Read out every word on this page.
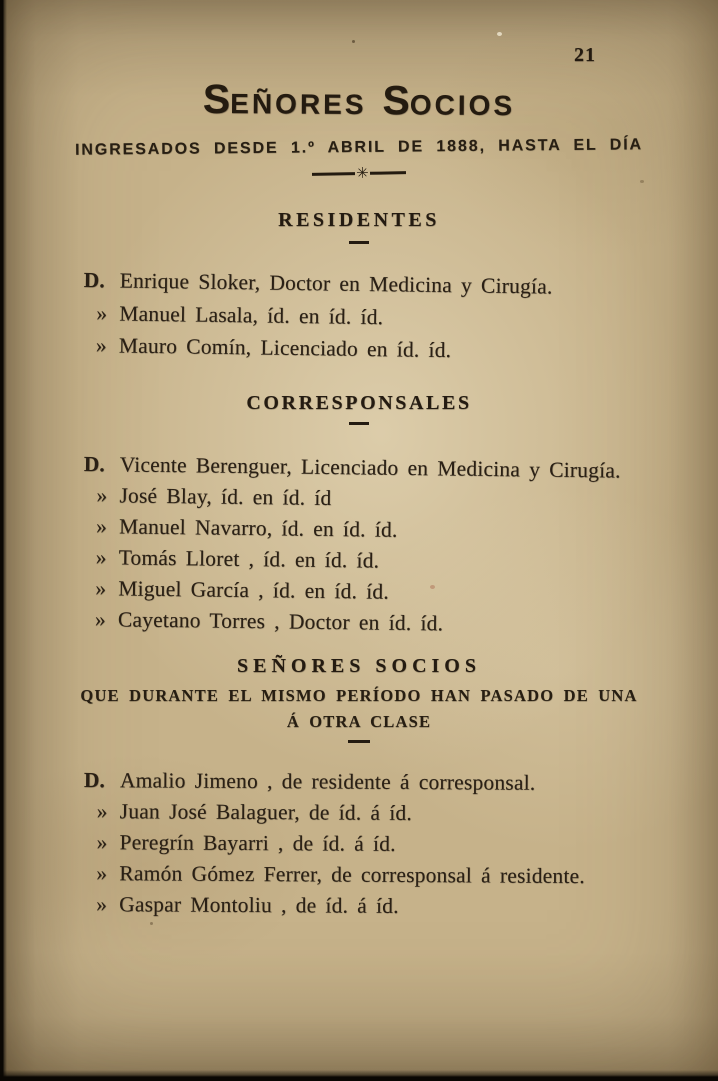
21
SEÑORES SOCIOS
INGRESADOS DESDE 1.º ABRIL DE 1888, HASTA EL DÍA
✳
RESIDENTES
D. Enrique Sloker, Doctor en Medicina y Cirugía.
» Manuel Lasala, íd. en íd. íd.
» Mauro Comín, Licenciado en íd. íd.
CORRESPONSALES
D. Vicente Berenguer, Licenciado en Medicina y Cirugía.
» José Blay, íd. en íd. íd
» Manuel Navarro, íd. en íd. íd.
» Tomás Lloret , íd. en íd. íd.
» Miguel García , íd. en íd. íd.
» Cayetano Torres , Doctor en íd. íd.
SEÑORES SOCIOS
QUE DURANTE EL MISMO PERÍODO HAN PASADO DE UNA
Á OTRA CLASE
D. Amalio Jimeno , de residente á corresponsal.
» Juan José Balaguer, de íd. á íd.
» Peregrín Bayarri , de íd. á íd.
» Ramón Gómez Ferrer, de corresponsal á residente.
» Gaspar Montoliu , de íd. á íd.
